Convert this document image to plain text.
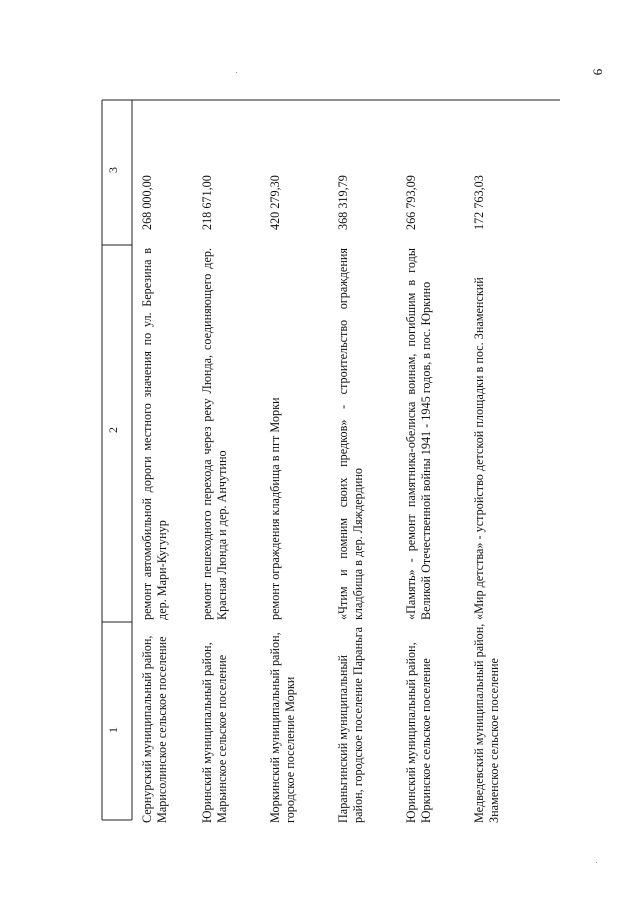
9
3
2
1	Сернурский муниципальный район, Марисолинское сельское поселение
ремонт автомобильной дороги местного значения по ул. Березина в дер. Мари-Кугунур
268 000,00
Юринский муниципальный район, Марьинское сельское поселение
ремонт пешеходного перехода через реку Люнда, соединяющего дер. Красная Люнда и дер. Анчутино
218 671,00
Моркинский муниципальный район, городское поселение Морки
ремонт ограждения кладбища в пгт Морки
420 279,30
Параньгинский муниципальный район, городское поселение Параньга
«Чтим и помним своих предков» - строительство ограждения кладбища в дер. Ляждердино
368 319,79
Юринский муниципальный район, Юркинское сельское поселение
«Память» - ремонт памятника-обелиска воинам, погибшим в годы Великой Отечественной войны 1941 - 1945 годов, в пос. Юркино
266 793,09
Медведевский муниципальный район, Знаменское сельское поселение
«Мир детства» - устройство детской площадки в пос. Знаменский
172 763,03
